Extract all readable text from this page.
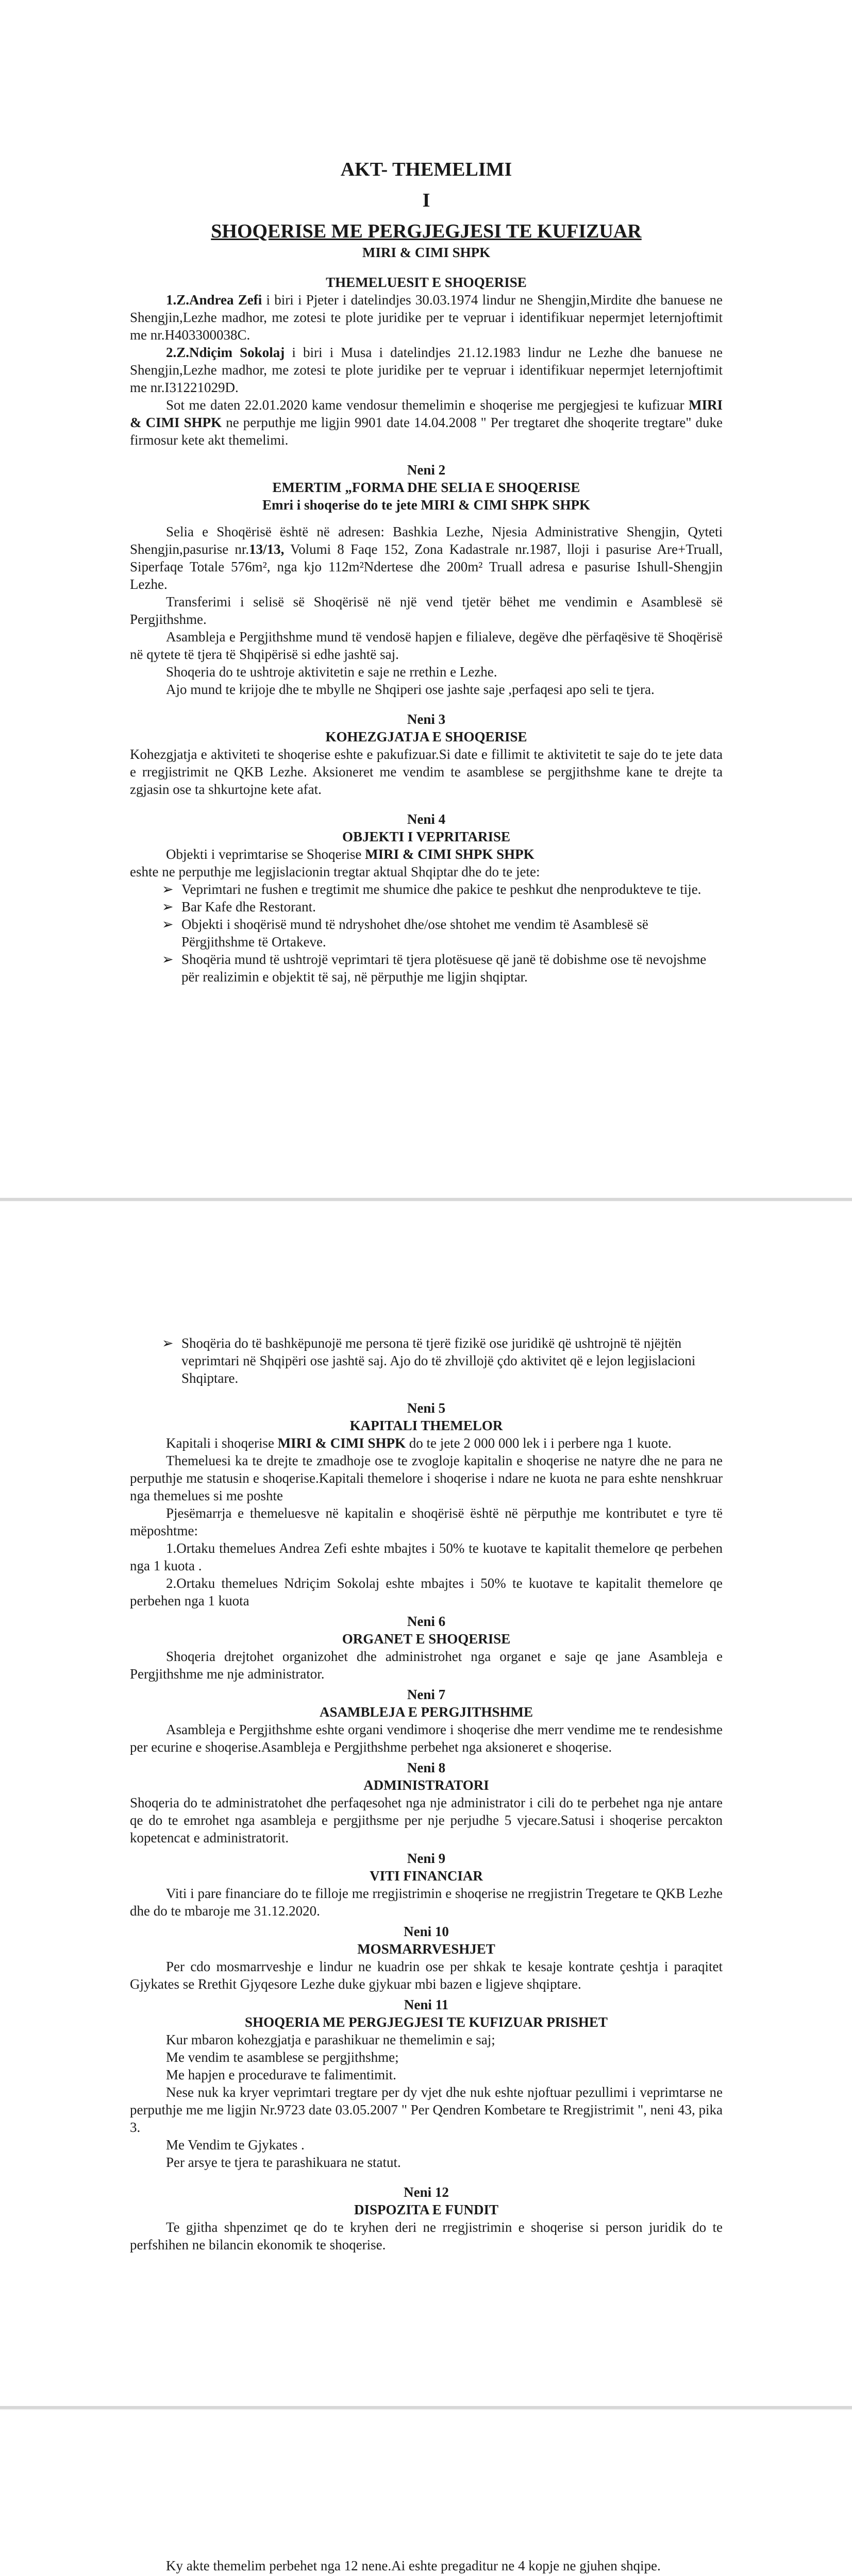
AKT- THEMELIMI
I
SHOQERISE ME PERGJEGJESI TE KUFIZUAR
MIRI & CIMI SHPK
THEMELUESIT E SHOQERISE

1.Z.Andrea Zefi i biri i Pjeter i datelindjes 30.03.1974 lindur ne Shengjin,Mirdite dhe banuese ne Shengjin,Lezhe madhor, me zotesi te plote juridike per te vepruar i identifikuar nepermjet leternjoftimit me nr.H403300038C.

2.Z.Ndiçim Sokolaj i biri i Musa i datelindjes 21.12.1983 lindur ne Lezhe dhe banuese ne Shengjin,Lezhe madhor, me zotesi te plote juridike per te vepruar i identifikuar nepermjet leternjoftimit me nr.I31221029D.

Sot me daten 22.01.2020 kame vendosur themelimin e shoqerise me pergjegjesi te kufizuar MIRI & CIMI SHPK ne perputhje me ligjin 9901 date 14.04.2008 " Per tregtaret dhe shoqerite tregtare" duke firmosur kete akt themelimi.

Neni 2
EMERTIM „FORMA DHE SELIA E SHOQERISE
Emri i shoqerise do te jete MIRI & CIMI SHPK SHPK

Selia e Shoqërisë është në adresen: Bashkia Lezhe, Njesia Administrative Shengjin, Qyteti Shengjin,pasurise nr.13/13, Volumi 8 Faqe 152, Zona Kadastrale nr.1987, lloji i pasurise Are+Truall, Siperfaqe Totale 576m², nga kjo 112m²Ndertese dhe 200m² Truall adresa e pasurise Ishull-Shengjin Lezhe.

Transferimi i selisë së Shoqërisë në një vend tjetër bëhet me vendimin e Asamblesë së Pergjithshme.

Asambleja e Pergjithshme mund të vendosë hapjen e filialeve, degëve dhe përfaqësive të Shoqërisë në qytete të tjera të Shqipërisë si edhe jashtë saj.

Shoqeria do te ushtroje aktivitetin e saje ne rrethin e Lezhe.

Ajo mund te krijoje dhe te mbylle ne Shqiperi ose jashte saje ,perfaqesi apo seli te tjera.

Neni 3
KOHEZGJATJA E SHOQERISE

Kohezgjatja e aktiviteti te shoqerise eshte e pakufizuar.Si date e fillimit te aktivitetit te saje do te jete data e rregjistrimit ne QKB Lezhe. Aksioneret me vendim te asamblese se pergjithshme kane te drejte ta zgjasin ose ta shkurtojne kete afat.

Neni 4
OBJEKTI I VEPRITARISE

Objekti i veprimtarise se Shoqerise MIRI & CIMI SHPK SHPK

eshte ne perputhje me legjislacionin tregtar aktual Shqiptar dhe do te jete:

➢ Veprimtari ne fushen e tregtimit me shumice dhe pakice te peshkut dhe nenprodukteve te tije.
➢ Bar Kafe dhe Restorant.
➢ Objekti i shoqërisë mund të ndryshohet dhe/ose shtohet me vendim të Asamblesë së Përgjithshme të Ortakeve.
➢ Shoqëria mund të ushtrojë veprimtari të tjera plotësuese që janë të dobishme ose të nevojshme për realizimin e objektit të saj, në përputhje me ligjin shqiptar.
➢ Shoqëria do të bashkëpunojë me persona të tjerë fizikë ose juridikë që ushtrojnë të njëjtën veprimtari në Shqipëri ose jashtë saj. Ajo do të zhvillojë çdo aktivitet që e lejon legjislacioni Shqiptare.
Neni 5
KAPITALI THEMELOR

Kapitali i shoqerise MIRI & CIMI SHPK do te jete 2 000 000 lek i i perbere nga 1 kuote.

Themeluesi ka te drejte te zmadhoje ose te zvogloje kapitalin e shoqerise ne natyre dhe ne para ne perputhje me statusin e shoqerise.Kapitali themelore i shoqerise i ndare ne kuota ne para eshte nenshkruar nga themelues si me poshte

Pjesëmarrja e themeluesve në kapitalin e shoqërisë është në përputhje me kontributet e tyre të mëposhtme:

1.Ortaku themelues Andrea Zefi eshte mbajtes i 50% te kuotave te kapitalit themelore qe perbehen nga 1 kuota .

2.Ortaku themelues Ndriçim Sokolaj eshte mbajtes i 50% te kuotave te kapitalit themelore qe perbehen nga 1 kuota

Neni 6
ORGANET E SHOQERISE

Shoqeria drejtohet organizohet dhe administrohet nga organet e saje qe jane Asambleja e Pergjithshme me nje administrator.

Neni 7
ASAMBLEJA E PERGJITHSHME

Asambleja e Pergjithshme eshte organi vendimore i shoqerise dhe merr vendime me te rendesishme per ecurine e shoqerise.Asambleja e Pergjithshme perbehet nga aksioneret e shoqerise.

Neni 8
ADMINISTRATORI

Shoqeria do te administratohet dhe perfaqesohet nga nje administrator i cili do te perbehet nga nje antare qe do te emrohet nga asambleja e pergjithsme per nje perjudhe 5 vjecare.Satusi i shoqerise percakton kopetencat e administratorit.

Neni 9
VITI FINANCIAR

Viti i pare financiare do te filloje me rregjistrimin e shoqerise ne rregjistrin Tregetare te QKB Lezhe dhe do te mbaroje me 31.12.2020.

Neni 10
MOSMARRVESHJET

Per cdo mosmarrveshje e lindur ne kuadrin ose per shkak te kesaje kontrate çeshtja i paraqitet Gjykates se Rrethit Gjyqesore Lezhe duke gjykuar mbi bazen e ligjeve shqiptare.

Neni 11
SHOQERIA ME PERGJEGJESI TE KUFIZUAR PRISHET

Kur mbaron kohezgjatja e parashikuar ne themelimin e saj;

Me vendim te asamblese se pergjithshme;

Me hapjen e procedurave te falimentimit.

Nese nuk ka kryer veprimtari tregtare per dy vjet dhe nuk eshte njoftuar pezullimi i veprimtarse ne perputhje me me ligjin Nr.9723 date 03.05.2007 " Per Qendren Kombetare te Rregjistrimit ", neni 43, pika 3.

Me Vendim te Gjykates .

Per arsye te tjera te parashikuara ne statut.

Neni 12
DISPOZITA E FUNDIT

Te gjitha shpenzimet qe do te kryhen deri ne rregjistrimin e shoqerise si person juridik do te perfshihen ne bilancin ekonomik te shoqerise.

Ky akte themelim perbehet nga 12 nene.Ai eshte pregaditur ne 4 kopje ne gjuhen shqipe.
